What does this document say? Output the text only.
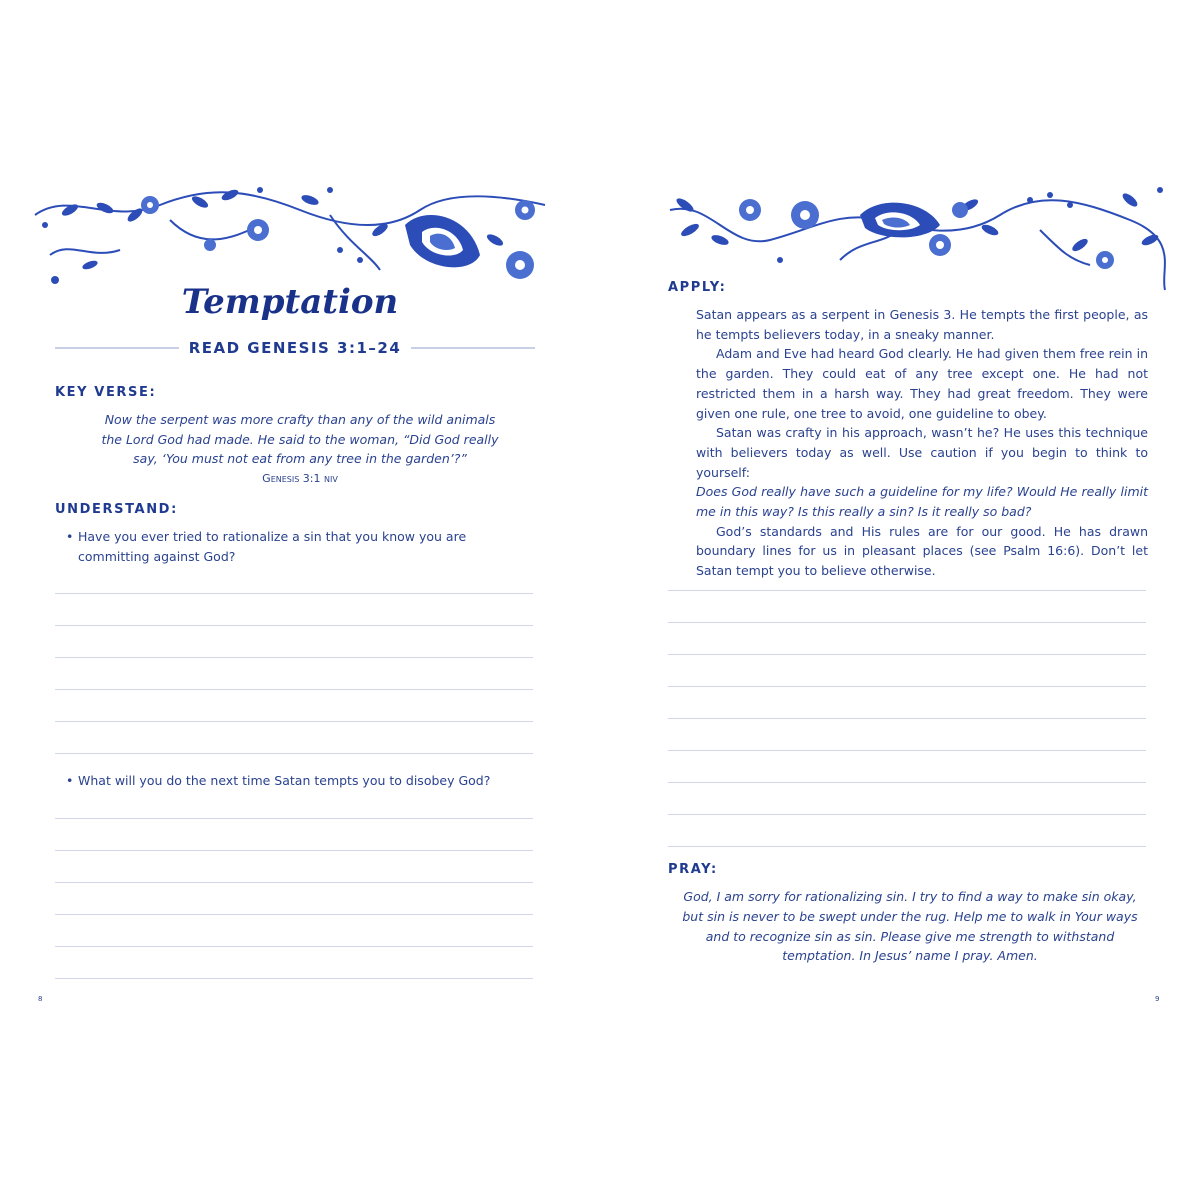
Temptation
READ GENESIS 3:1–24
KEY VERSE:
Now the serpent was more crafty than any of the wild animals
the Lord God had made. He said to the woman, “Did God really
say, ‘You must not eat from any tree in the garden’?”
Genesis 3:1 niv
UNDERSTAND:
• Have you ever tried to rationalize a sin that you know you are committing against God?
• What will you do the next time Satan tempts you to disobey God?
8
APPLY:

Satan appears as a serpent in Genesis 3. He tempts the first people, as he tempts believers today, in a sneaky manner.

Adam and Eve had heard God clearly. He had given them free rein in the garden. They could eat of any tree except one. He had not restricted them in a harsh way. They had great freedom. They were given one rule, one tree to avoid, one guideline to obey.

Satan was crafty in his approach, wasn’t he? He uses this technique with believers today as well. Use caution if you begin to think to yourself:

Does God really have such a guideline for my life? Would He really limit me in this way? Is this really a sin? Is it really so bad?

God’s standards and His rules are for our good. He has drawn boundary lines for us in pleasant places (see Psalm 16:6). Don’t let Satan tempt you to believe otherwise.

PRAY:
God, I am sorry for rationalizing sin. I try to find a way to make sin okay, but sin is never to be swept under the rug. Help me to walk in Your ways and to recognize sin as sin. Please give me strength to withstand temptation. In Jesus’ name I pray. Amen.
9
